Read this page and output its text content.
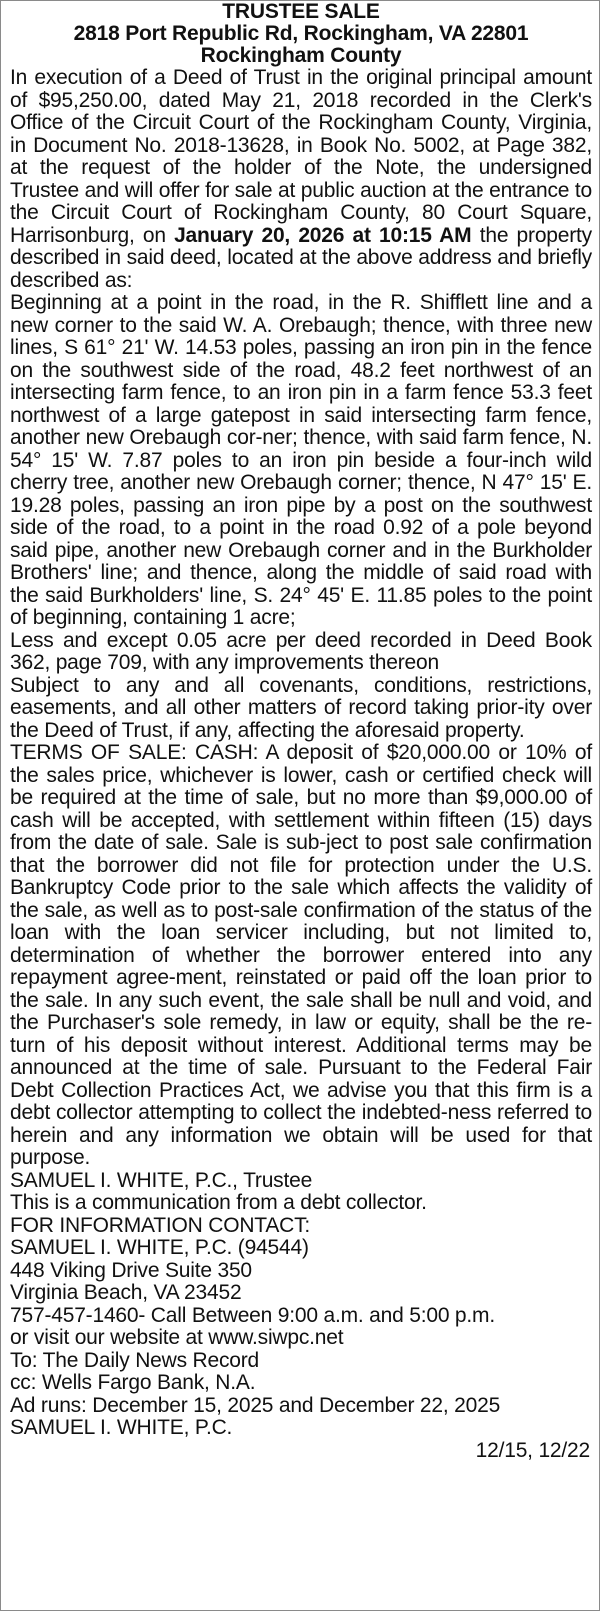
TRUSTEE SALE

2818 Port Republic Rd, Rockingham, VA 22801

Rockingham County

In execution of a Deed of Trust in the original principal amount of $95,250.00, dated May 21, 2018 recorded in the Clerk's Office of the Circuit Court of the Rockingham County, Virginia, in Document No. 2018-13628, in Book No. 5002, at Page 382, at the request of the holder of the Note, the undersigned Trustee and will offer for sale at public auction at the entrance to the Circuit Court of Rockingham County, 80 Court Square, Harrisonburg, on January 20, 2026 at 10:15 AM the property described in said deed, located at the above address and briefly described as:

Beginning at a point in the road, in the R. Shifflett line and a new corner to the said W. A. Orebaugh; thence, with three new lines, S 61° 21' W. 14.53 poles, passing an iron pin in the fence on the southwest side of the road, 48.2 feet northwest of an intersecting farm fence, to an iron pin in a farm fence 53.3 feet northwest of a large gatepost in said intersecting farm fence, another new Orebaugh cor-ner; thence, with said farm fence, N. 54° 15' W. 7.87 poles to an iron pin beside a four-inch wild cherry tree, another new Orebaugh corner; thence, N 47° 15' E. 19.28 poles, passing an iron pipe by a post on the southwest side of the road, to a point in the road 0.92 of a pole beyond said pipe, another new Orebaugh corner and in the Burkholder Brothers' line; and thence, along the middle of said road with the said Burkholders' line, S. 24° 45' E. 11.85 poles to the point of beginning, containing 1 acre;

Less and except 0.05 acre per deed recorded in Deed Book 362, page 709, with any improvements thereon

Subject to any and all covenants, conditions, restrictions, easements, and all other matters of record taking prior-ity over the Deed of Trust, if any, affecting the aforesaid property.

TERMS OF SALE: CASH: A deposit of $20,000.00 or 10% of the sales price, whichever is lower, cash or certified check will be required at the time of sale, but no more than $9,000.00 of cash will be accepted, with settlement within fifteen (15) days from the date of sale. Sale is sub-ject to post sale confirmation that the borrower did not file for protection under the U.S. Bankruptcy Code prior to the sale which affects the validity of the sale, as well as to post-sale confirmation of the status of the loan with the loan servicer including, but not limited to, determination of whether the borrower entered into any repayment agree-ment, reinstated or paid off the loan prior to the sale. In any such event, the sale shall be null and void, and the Purchaser's sole remedy, in law or equity, shall be the re-turn of his deposit without interest. Additional terms may be announced at the time of sale. Pursuant to the Federal Fair Debt Collection Practices Act, we advise you that this firm is a debt collector attempting to collect the indebted-ness referred to herein and any information we obtain will be used for that purpose.

SAMUEL I. WHITE, P.C., Trustee

This is a communication from a debt collector.

FOR INFORMATION CONTACT:

SAMUEL I. WHITE, P.C. (94544)

448 Viking Drive Suite 350

Virginia Beach, VA 23452

757-457-1460- Call Between 9:00 a.m. and 5:00 p.m.

or visit our website at www.siwpc.net

To: The Daily News Record

cc: Wells Fargo Bank, N.A.

Ad runs: December 15, 2025 and December 22, 2025

SAMUEL I. WHITE, P.C.

12/15, 12/22
